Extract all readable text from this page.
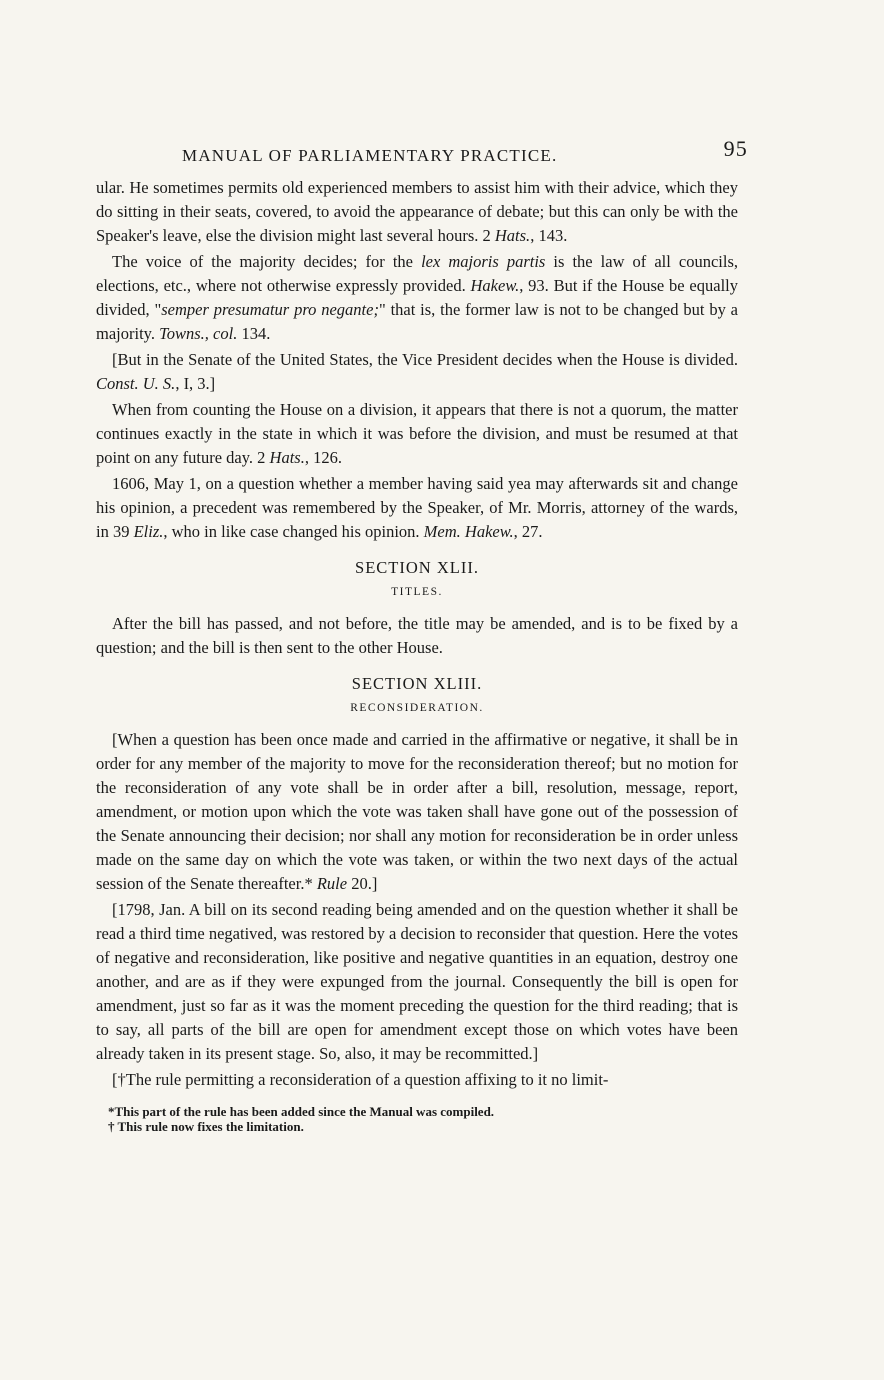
MANUAL OF PARLIAMENTARY PRACTICE.	95

ular. He sometimes permits old experienced members to assist him with their advice, which they do sitting in their seats, covered, to avoid the appearance of debate; but this can only be with the Speaker's leave, else the division might last several hours. 2 Hats., 143.

The voice of the majority decides; for the lex majoris partis is the law of all councils, elections, etc., where not otherwise expressly provided. Hakew., 93. But if the House be equally divided, "semper presumatur pro negante;" that is, the former law is not to be changed but by a majority. Towns., col. 134.

[But in the Senate of the United States, the Vice President decides when the House is divided. Const. U. S., I, 3.]

When from counting the House on a division, it appears that there is not a quorum, the matter continues exactly in the state in which it was before the division, and must be resumed at that point on any future day. 2 Hats., 126.

1606, May 1, on a question whether a member having said yea may afterwards sit and change his opinion, a precedent was remembered by the Speaker, of Mr. Morris, attorney of the wards, in 39 Eliz., who in like case changed his opinion. Mem. Hakew., 27.

SECTION XLII.
TITLES.

After the bill has passed, and not before, the title may be amended, and is to be fixed by a question; and the bill is then sent to the other House.

SECTION XLIII.
RECONSIDERATION.

[When a question has been once made and carried in the affirmative or negative, it shall be in order for any member of the majority to move for the reconsideration thereof; but no motion for the reconsideration of any vote shall be in order after a bill, resolution, message, report, amendment, or motion upon which the vote was taken shall have gone out of the possession of the Senate announcing their decision; nor shall any motion for reconsideration be in order unless made on the same day on which the vote was taken, or within the two next days of the actual session of the Senate thereafter.* Rule 20.]

[1798, Jan. A bill on its second reading being amended and on the question whether it shall be read a third time negatived, was restored by a decision to reconsider that question. Here the votes of negative and reconsideration, like positive and negative quantities in an equation, destroy one another, and are as if they were expunged from the journal. Consequently the bill is open for amendment, just so far as it was the moment preceding the question for the third reading; that is to say, all parts of the bill are open for amendment except those on which votes have been already taken in its present stage. So, also, it may be recommitted.]

[†The rule permitting a reconsideration of a question affixing to it no limit-

*This part of the rule has been added since the Manual was compiled.
† This rule now fixes the limitation.
